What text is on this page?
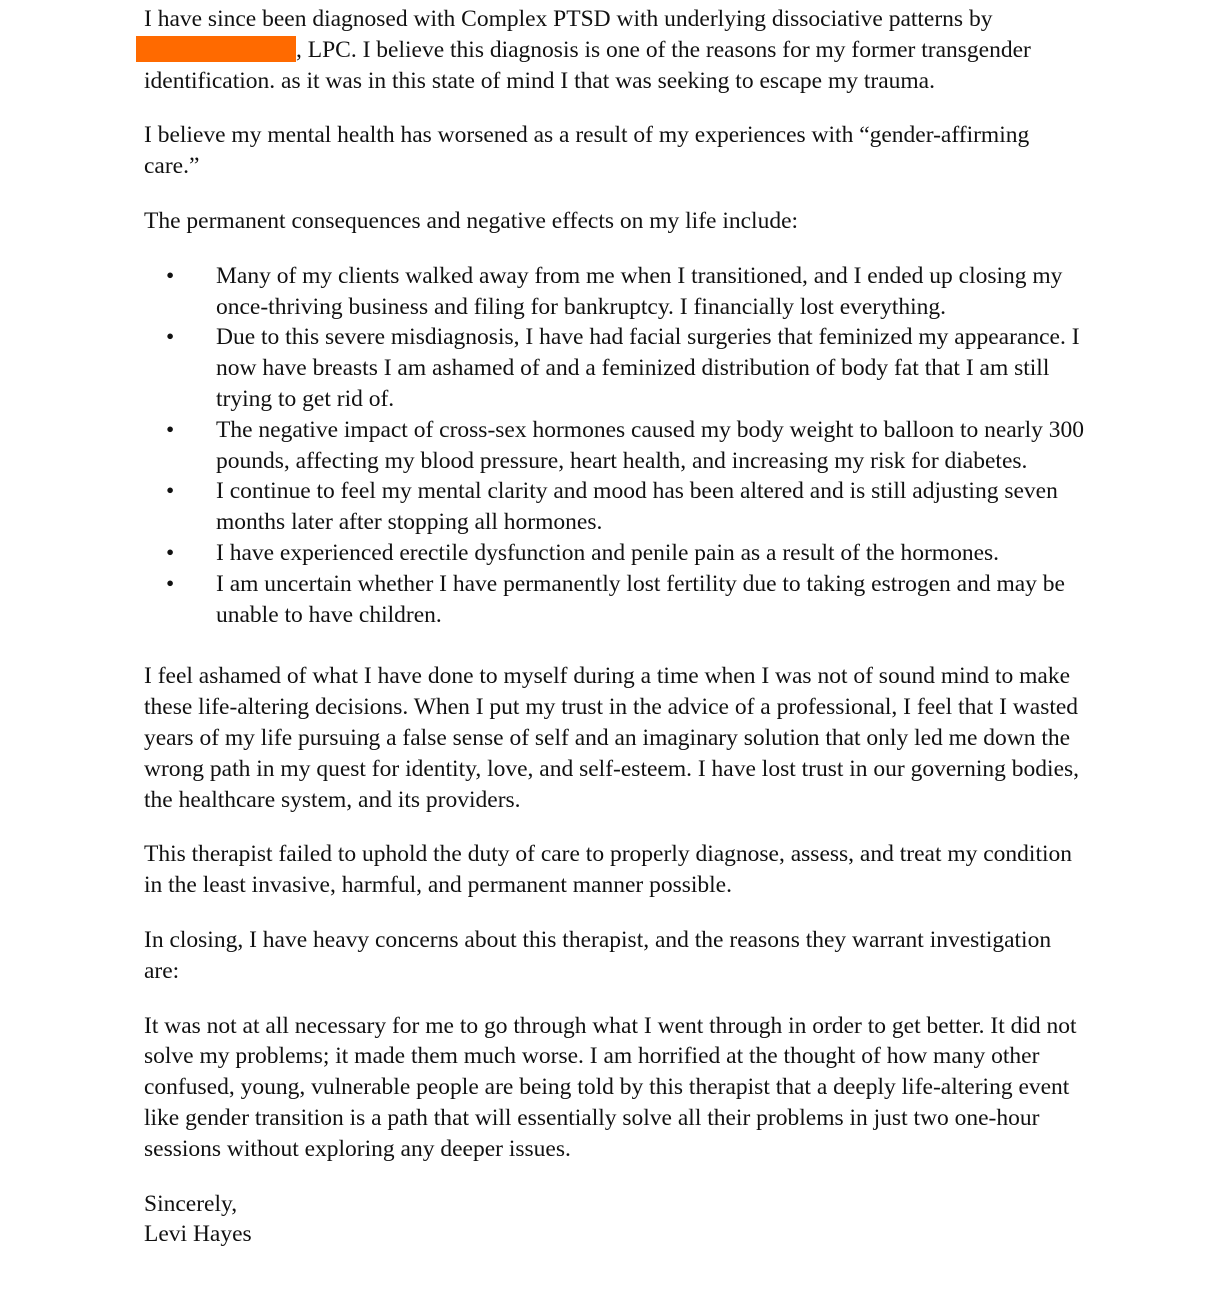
I have since been diagnosed with Complex PTSD with underlying dissociative patterns by , LPC. I believe this diagnosis is one of the reasons for my former transgender identification. as it was in this state of mind I that was seeking to escape my trauma.

I believe my mental health has worsened as a result of my experiences with “gender-affirming care.”

The permanent consequences and negative effects on my life include:

• Many of my clients walked away from me when I transitioned, and I ended up closing my once-thriving business and filing for bankruptcy. I financially lost everything.
• Due to this severe misdiagnosis, I have had facial surgeries that feminized my appearance. I now have breasts I am ashamed of and a feminized distribution of body fat that I am still trying to get rid of.
• The negative impact of cross-sex hormones caused my body weight to balloon to nearly 300 pounds, affecting my blood pressure, heart health, and increasing my risk for diabetes.
• I continue to feel my mental clarity and mood has been altered and is still adjusting seven months later after stopping all hormones.
• I have experienced erectile dysfunction and penile pain as a result of the hormones.
• I am uncertain whether I have permanently lost fertility due to taking estrogen and may be unable to have children.

I feel ashamed of what I have done to myself during a time when I was not of sound mind to make these life-altering decisions. When I put my trust in the advice of a professional, I feel that I wasted years of my life pursuing a false sense of self and an imaginary solution that only led me down the wrong path in my quest for identity, love, and self-esteem. I have lost trust in our governing bodies, the healthcare system, and its providers.

This therapist failed to uphold the duty of care to properly diagnose, assess, and treat my condition in the least invasive, harmful, and permanent manner possible.

In closing, I have heavy concerns about this therapist, and the reasons they warrant investigation are:

It was not at all necessary for me to go through what I went through in order to get better. It did not solve my problems; it made them much worse. I am horrified at the thought of how many other confused, young, vulnerable people are being told by this therapist that a deeply life-altering event like gender transition is a path that will essentially solve all their problems in just two one-hour sessions without exploring any deeper issues.

Sincerely,
Levi Hayes
